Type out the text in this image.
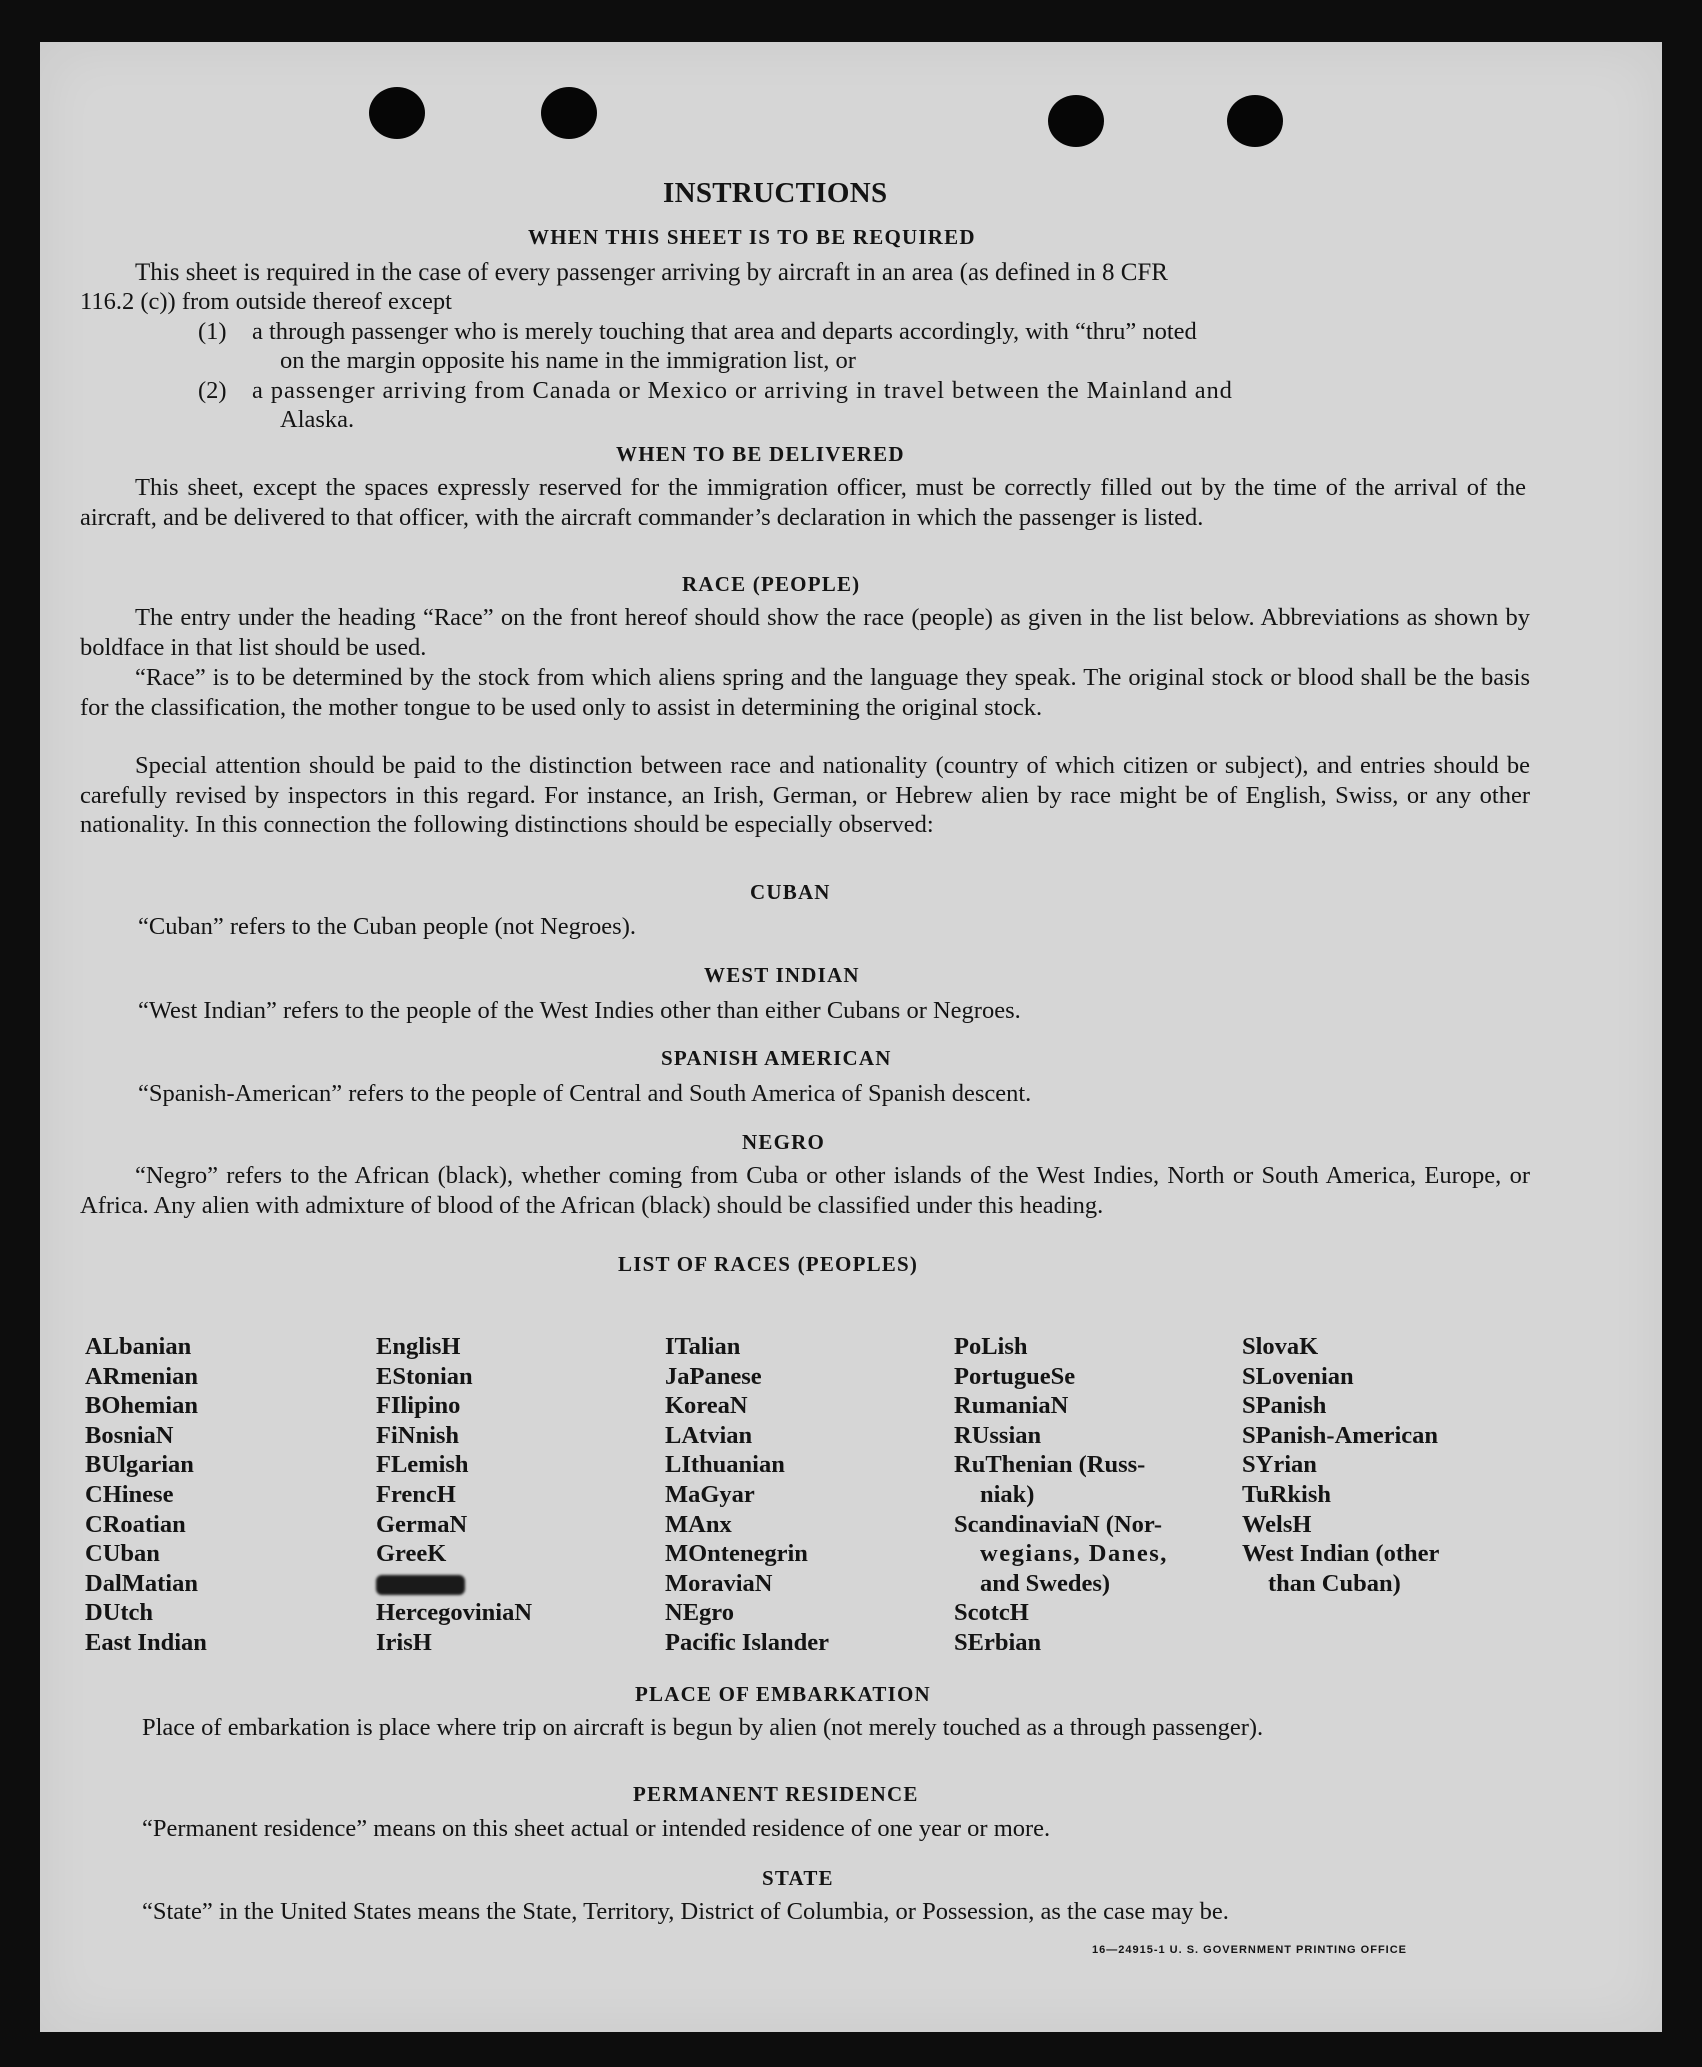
INSTRUCTIONS
WHEN THIS SHEET IS TO BE REQUIRED
This sheet is required in the case of every passenger arriving by aircraft in an area (as defined in 8 CFR
116.2 (c)) from outside thereof except
(1) a through passenger who is merely touching that area and departs accordingly, with “thru” noted
on the margin opposite his name in the immigration list, or
(2) a passenger arriving from Canada or Mexico or arriving in travel between the Mainland and
Alaska.
WHEN TO BE DELIVERED
This sheet, except the spaces expressly reserved for the immigration officer, must be correctly filled out by the time of the arrival of the aircraft, and be delivered to that officer, with the aircraft commander’s declaration in which the passenger is listed.
RACE (PEOPLE)
The entry under the heading “Race” on the front hereof should show the race (people) as given in the list below. Abbreviations as shown by boldface in that list should be used.
“Race” is to be determined by the stock from which aliens spring and the language they speak. The original stock or blood shall be the basis for the classification, the mother tongue to be used only to assist in determining the original stock.
Special attention should be paid to the distinction between race and nationality (country of which citizen or subject), and entries should be carefully revised by inspectors in this regard. For instance, an Irish, German, or Hebrew alien by race might be of English, Swiss, or any other nationality. In this connection the following distinctions should be especially observed:
CUBAN
“Cuban” refers to the Cuban people (not Negroes).
WEST INDIAN
“West Indian” refers to the people of the West Indies other than either Cubans or Negroes.
SPANISH AMERICAN
“Spanish-American” refers to the people of Central and South America of Spanish descent.
NEGRO
“Negro” refers to the African (black), whether coming from Cuba or other islands of the West Indies, North or South America, Europe, or Africa. Any alien with admixture of blood of the African (black) should be classified under this heading.
LIST OF RACES (PEOPLES)
ALbanian
ARmenian
BOhemian
BosniaN
BUlgarian
CHinese
CRoatian
CUban
DalMatian
DUtch
East Indian
EnglisH
EStonian
FIlipino
FiNnish
FLemish
FrencH
GermaN
GreeK
HercegoviniaN
IrisH
ITalian
JaPanese
KoreaN
LAtvian
LIthuanian
MaGyar
MAnx
MOntenegrin
MoraviaN
NEgro
Pacific Islander
PoLish
PortugueSe
RumaniaN
RUssian
RuThenian (Russ-
niak)
ScandinaviaN (Nor-
wegians, Danes,
and Swedes)
ScotcH
SErbian
SlovaK
SLovenian
SPanish
SPanish-American
SYrian
TuRkish
WelsH
West Indian (other
than Cuban)
PLACE OF EMBARKATION
Place of embarkation is place where trip on aircraft is begun by alien (not merely touched as a through passenger).
PERMANENT RESIDENCE
“Permanent residence” means on this sheet actual or intended residence of one year or more.
STATE
“State” in the United States means the State, Territory, District of Columbia, or Possession, as the case may be.
16—24915-1 U. S. GOVERNMENT PRINTING OFFICE
